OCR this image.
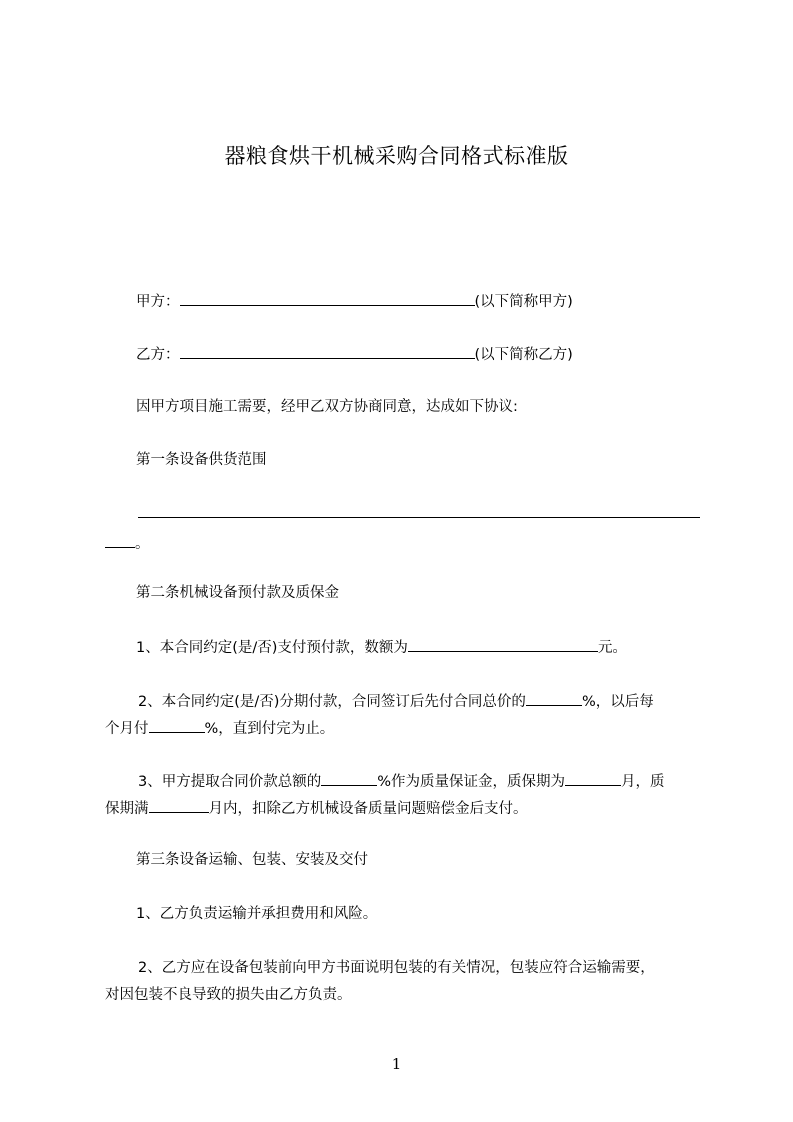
器粮食烘干机械采购合同格式标准版
甲方：	(以下简称甲方)
乙方：	(以下简称乙方)
因甲方项目施工需要，经甲乙双方协商同意，达成如下协议:
第一条设备供货范围
。
第二条机械设备预付款及质保金
1、本合同约定(是/否)支付预付款，数额为	元。
2、本合同约定(是/否)分期付款，合同签订后先付合同总价的	%，以后每
个月付	%，直到付完为止。
3、甲方提取合同价款总额的	%作为质量保证金，质保期为	月，质
保期满	月内，扣除乙方机械设备质量问题赔偿金后支付。
第三条设备运输、包装、安装及交付
1、乙方负责运输并承担费用和风险。
2、乙方应在设备包装前向甲方书面说明包装的有关情况，包装应符合运输需要，
对因包装不良导致的损失由乙方负责。
1
